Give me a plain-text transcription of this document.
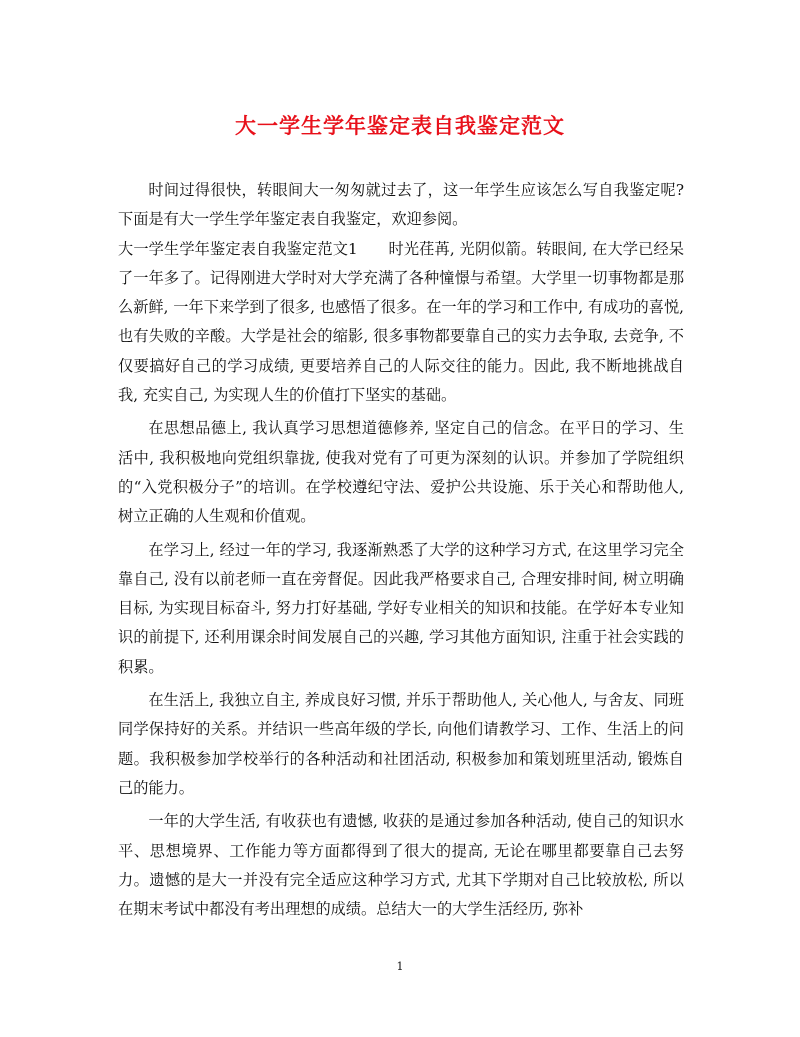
大一学生学年鉴定表自我鉴定范文

时间过得很快，转眼间大一匆匆就过去了，这一年学生应该怎么写自我鉴定呢?下面是有大一学生学年鉴定表自我鉴定，欢迎参阅。

大一学生学年鉴定表自我鉴定范文1　　时光荏苒, 光阴似箭。转眼间, 在大学已经呆了一年多了。记得刚进大学时对大学充满了各种憧憬与希望。大学里一切事物都是那么新鲜, 一年下来学到了很多, 也感悟了很多。在一年的学习和工作中, 有成功的喜悦, 也有失败的辛酸。大学是社会的缩影, 很多事物都要靠自己的实力去争取, 去竞争, 不仅要搞好自己的学习成绩, 更要培养自己的人际交往的能力。因此, 我不断地挑战自我, 充实自己, 为实现人生的价值打下坚实的基础。

在思想品德上, 我认真学习思想道德修养, 坚定自己的信念。在平日的学习、生活中, 我积极地向党组织靠拢, 使我对党有了可更为深刻的认识。并参加了学院组织的“入党积极分子”的培训。在学校遵纪守法、爱护公共设施、乐于关心和帮助他人, 树立正确的人生观和价值观。

在学习上, 经过一年的学习, 我逐渐熟悉了大学的这种学习方式, 在这里学习完全靠自己, 没有以前老师一直在旁督促。因此我严格要求自己, 合理安排时间, 树立明确目标, 为实现目标奋斗, 努力打好基础, 学好专业相关的知识和技能。在学好本专业知识的前提下, 还利用课余时间发展自己的兴趣, 学习其他方面知识, 注重于社会实践的积累。

在生活上, 我独立自主, 养成良好习惯, 并乐于帮助他人, 关心他人, 与舍友、同班同学保持好的关系。并结识一些高年级的学长, 向他们请教学习、工作、生活上的问题。我积极参加学校举行的各种活动和社团活动, 积极参加和策划班里活动, 锻炼自己的能力。

一年的大学生活, 有收获也有遗憾, 收获的是通过参加各种活动, 使自己的知识水平、思想境界、工作能力等方面都得到了很大的提高, 无论在哪里都要靠自己去努力。遗憾的是大一并没有完全适应这种学习方式, 尤其下学期对自己比较放松, 所以在期末考试中都没有考出理想的成绩。总结大一的大学生活经历, 弥补

1
